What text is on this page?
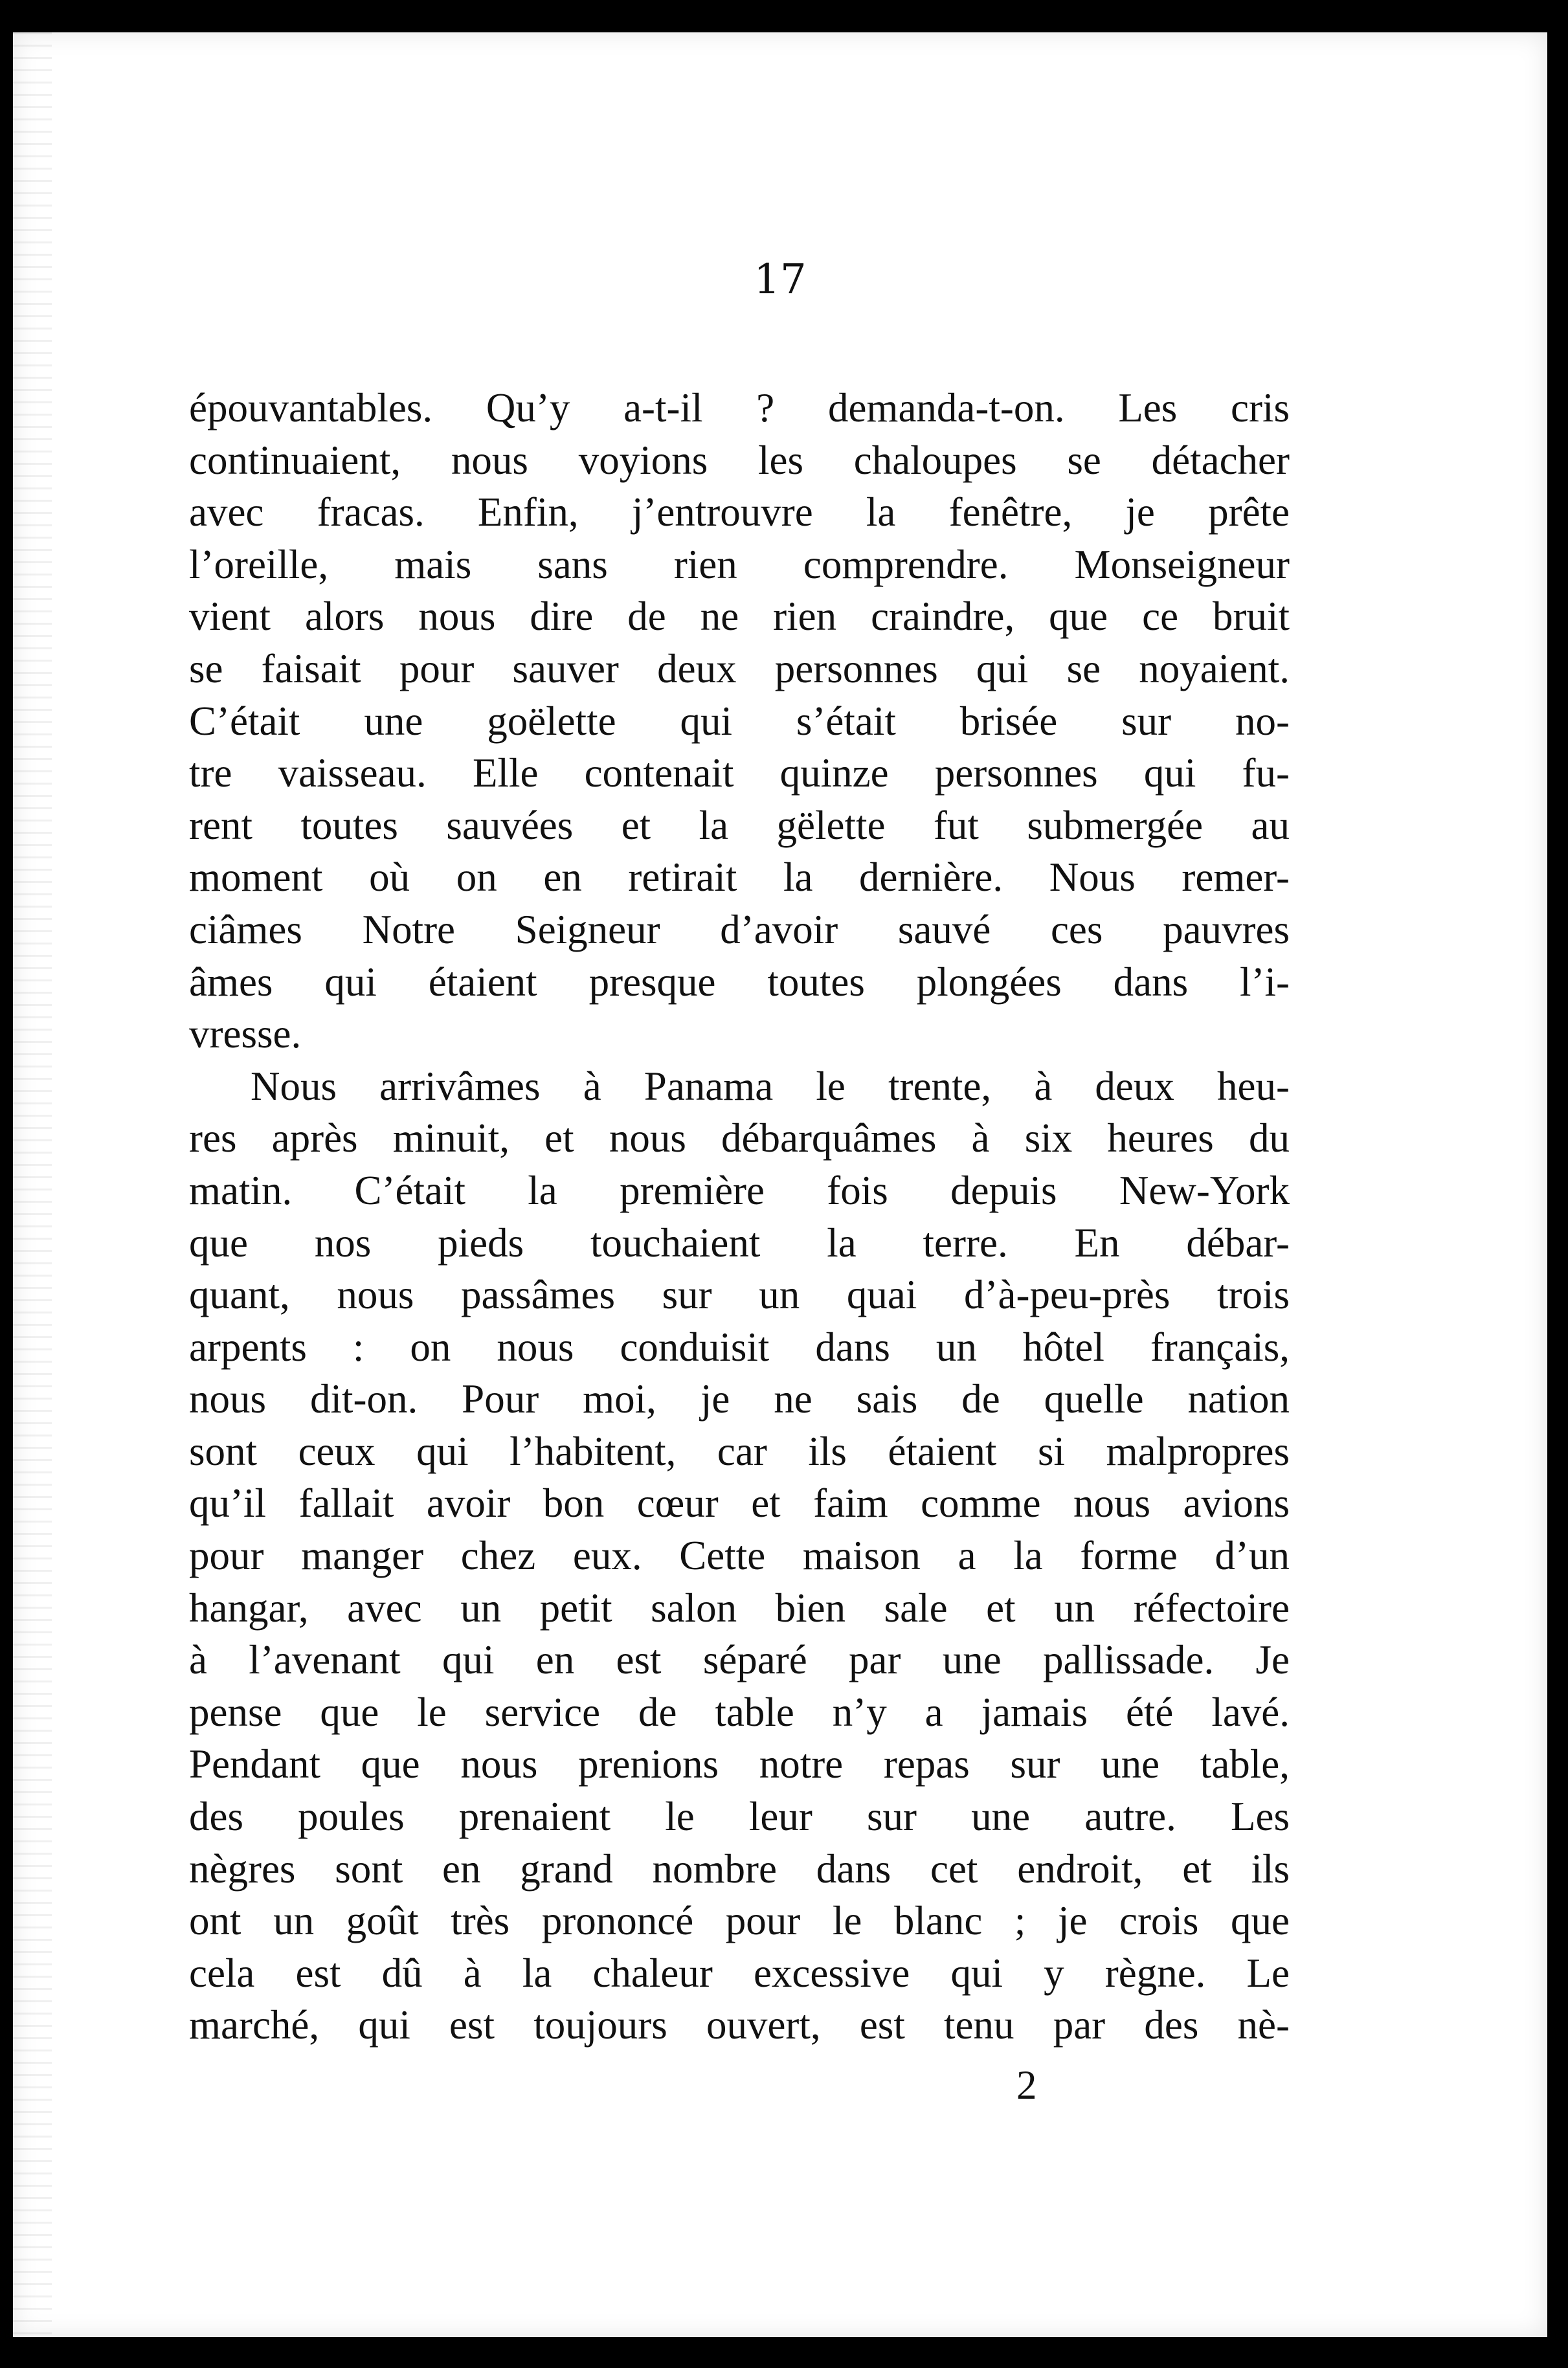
17

épouvantables. Qu’y a-t-il ? demanda-t-on. Les cris
continuaient, nous voyions les chaloupes se détacher
avec fracas. Enfin, j’entrouvre la fenêtre, je prête
l’oreille, mais sans rien comprendre. Monseigneur
vient alors nous dire de ne rien craindre, que ce bruit
se faisait pour sauver deux personnes qui se noyaient.
C’était une goëlette qui s’était brisée sur no-
tre vaisseau. Elle contenait quinze personnes qui fu-
rent toutes sauvées et la gëlette fut submergée au
moment où on en retirait la dernière. Nous remer-
ciâmes Notre Seigneur d’avoir sauvé ces pauvres
âmes qui étaient presque toutes plongées dans l’i-
vresse.
Nous arrivâmes à Panama le trente, à deux heu-
res après minuit, et nous débarquâmes à six heures du
matin. C’était la première fois depuis New-York
que nos pieds touchaient la terre. En débar-
quant, nous passâmes sur un quai d’à-peu-près trois
arpents : on nous conduisit dans un hôtel français,
nous dit-on. Pour moi, je ne sais de quelle nation
sont ceux qui l’habitent, car ils étaient si malpropres
qu’il fallait avoir bon cœur et faim comme nous avions
pour manger chez eux. Cette maison a la forme d’un
hangar, avec un petit salon bien sale et un réfectoire
à l’avenant qui en est séparé par une pallissade. Je
pense que le service de table n’y a jamais été lavé.
Pendant que nous prenions notre repas sur une table,
des poules prenaient le leur sur une autre. Les
nègres sont en grand nombre dans cet endroit, et ils
ont un goût très prononcé pour le blanc ; je crois que
cela est dû à la chaleur excessive qui y règne. Le
marché, qui est toujours ouvert, est tenu par des nè-
2
